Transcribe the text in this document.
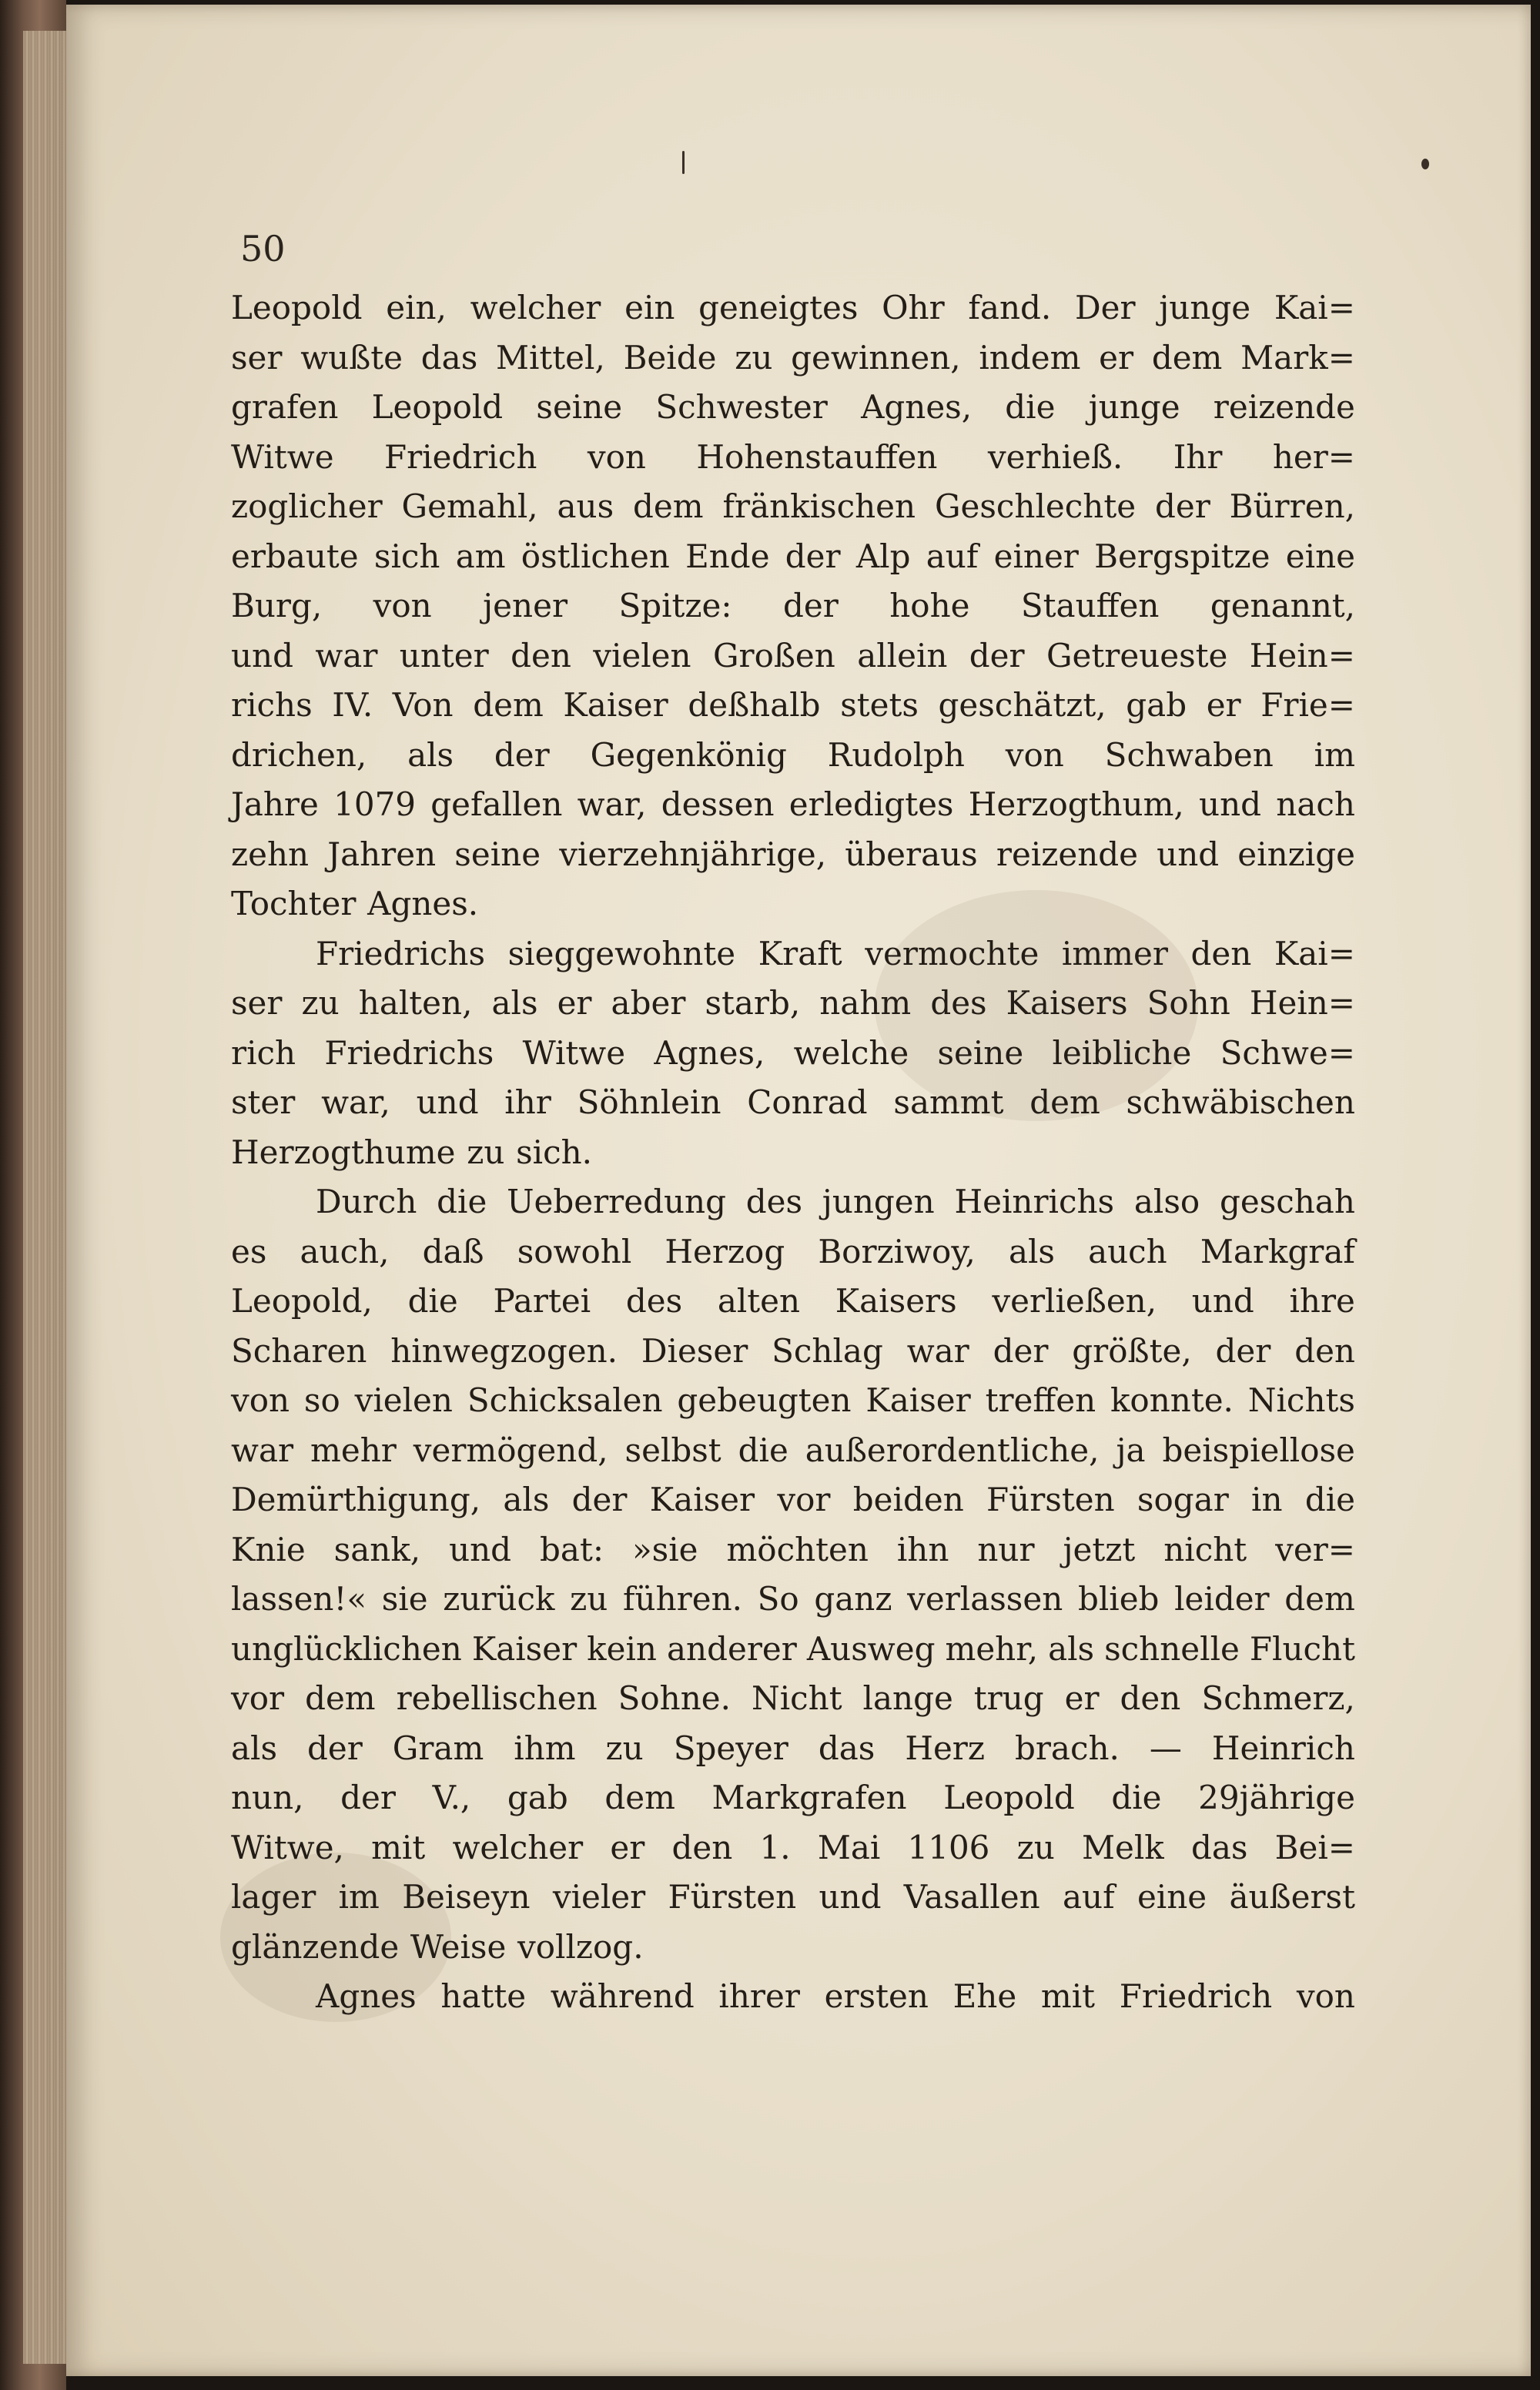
50
Leopold ein, welcher ein geneigtes Ohr fand. Der junge Kai=
ser wußte das Mittel, Beide zu gewinnen, indem er dem Mark=
grafen Leopold seine Schwester Agnes, die junge reizende
Witwe Friedrich von Hohenstauffen verhieß. Ihr her=
zoglicher Gemahl, aus dem fränkischen Geschlechte der Bürren,
erbaute sich am östlichen Ende der Alp auf einer Bergspitze eine
Burg, von jener Spitze: der hohe Stauffen genannt,
und war unter den vielen Großen allein der Getreueste Hein=
richs IV. Von dem Kaiser deßhalb stets geschätzt, gab er Frie=
drichen, als der Gegenkönig Rudolph von Schwaben im
Jahre 1079 gefallen war, dessen erledigtes Herzogthum, und nach
zehn Jahren seine vierzehnjährige, überaus reizende und einzige
Tochter Agnes.
Friedrichs sieggewohnte Kraft vermochte immer den Kai=
ser zu halten, als er aber starb, nahm des Kaisers Sohn Hein=
rich Friedrichs Witwe Agnes, welche seine leibliche Schwe=
ster war, und ihr Söhnlein Conrad sammt dem schwäbischen
Herzogthume zu sich.
Durch die Ueberredung des jungen Heinrichs also geschah
es auch, daß sowohl Herzog Borziwoy, als auch Markgraf
Leopold, die Partei des alten Kaisers verließen, und ihre
Scharen hinwegzogen. Dieser Schlag war der größte, der den
von so vielen Schicksalen gebeugten Kaiser treffen konnte. Nichts
war mehr vermögend, selbst die außerordentliche, ja beispiellose
Demürthigung, als der Kaiser vor beiden Fürsten sogar in die
Knie sank, und bat: »sie möchten ihn nur jetzt nicht ver=
lassen!« sie zurück zu führen. So ganz verlassen blieb leider dem
unglücklichen Kaiser kein anderer Ausweg mehr, als schnelle Flucht
vor dem rebellischen Sohne. Nicht lange trug er den Schmerz,
als der Gram ihm zu Speyer das Herz brach. — Heinrich
nun, der V., gab dem Markgrafen Leopold die 29jährige
Witwe, mit welcher er den 1. Mai 1106 zu Melk das Bei=
lager im Beiseyn vieler Fürsten und Vasallen auf eine äußerst
glänzende Weise vollzog.
Agnes hatte während ihrer ersten Ehe mit Friedrich von
